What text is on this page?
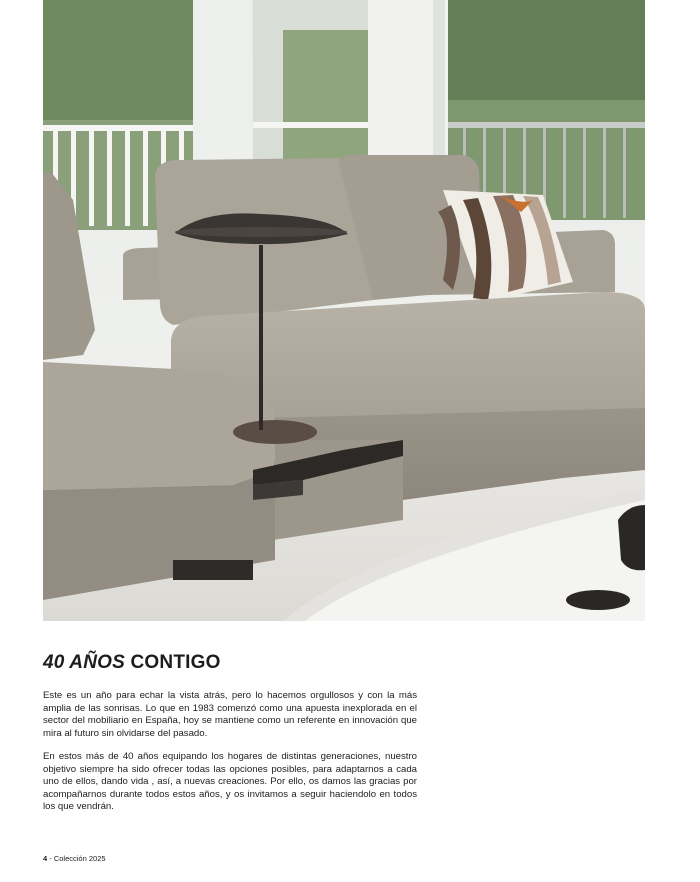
40 AÑOS CONTIGO

Este es un año para echar la vista atrás, pero lo hacemos orgullosos y con la más amplia de las sonrisas. Lo que en 1983 comenzó como una apuesta inexplorada en el sector del mobiliario en España, hoy se mantiene como un referente en innovación que mira al futuro sin olvidarse del pasado.

En estos más de 40 años equipando los hogares de distintas generaciones, nuestro objetivo siempre ha sido ofrecer todas las opciones posibles, para adaptarnos a cada uno de ellos, dando vida , así, a nuevas creaciones. Por ello, os damos las gracias por acompañarnos durante todos estos años, y os invitamos a seguir haciendolo en todos los que vendrán.

4 - Colección 2025
